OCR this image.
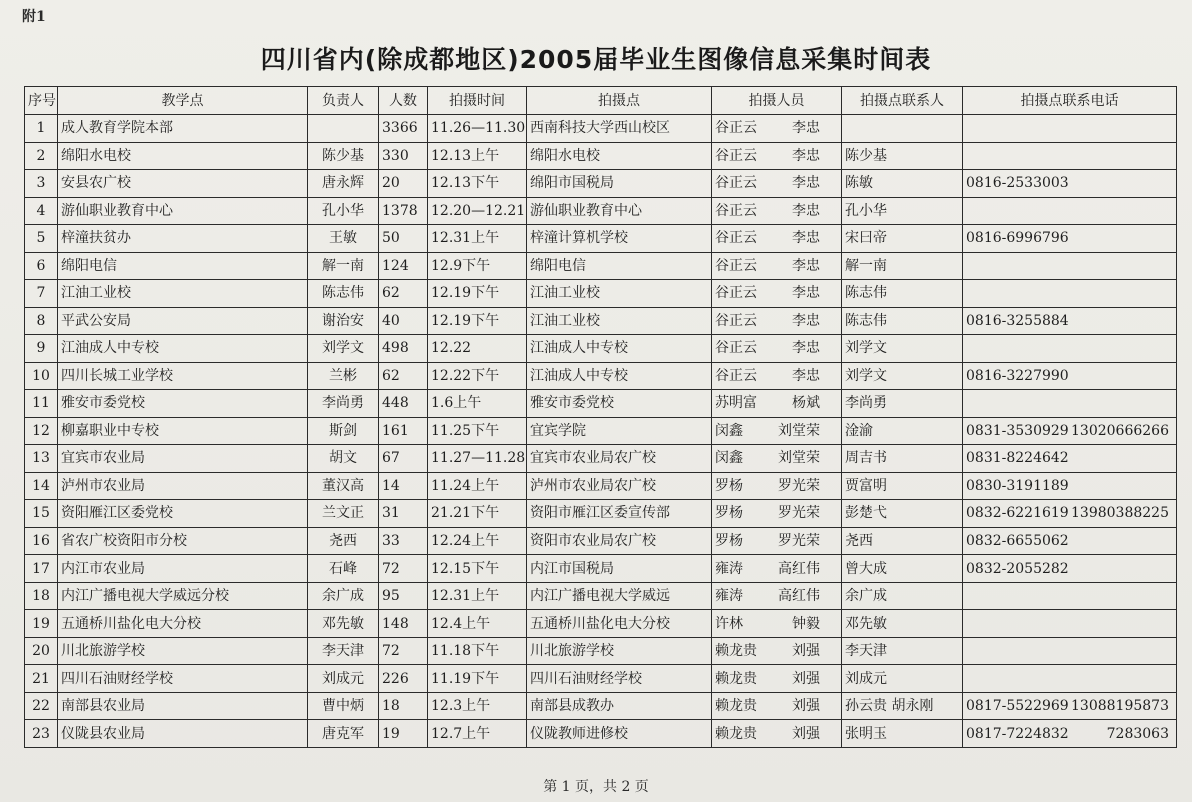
附1
四川省内(除成都地区)2005届毕业生图像信息采集时间表
序号	教学点	负责人	人数	拍摄时间	拍摄点	拍摄人员	拍摄点联系人	拍摄点联系电话
1	成人教育学院本部		3366	11.26—11.30	西南科技大学西山校区	谷正云 李忠		

2	绵阳水电校	陈少基	330	12.13上午	绵阳水电校	谷正云 李忠	陈少基	

3	安县农广校	唐永辉	20	12.13下午	绵阳市国税局	谷正云 李忠	陈敏	0816-2533003

4	游仙职业教育中心	孔小华	1378	12.20—12.21	游仙职业教育中心	谷正云 李忠	孔小华	

5	梓潼扶贫办	王敏	50	12.31上午	梓潼计算机学校	谷正云 李忠	宋曰帝	0816-6996796

6	绵阳电信	解一南	124	12.9下午	绵阳电信	谷正云 李忠	解一南	

7	江油工业校	陈志伟	62	12.19下午	江油工业校	谷正云 李忠	陈志伟	

8	平武公安局	谢治安	40	12.19下午	江油工业校	谷正云 李忠	陈志伟	0816-3255884

9	江油成人中专校	刘学文	498	12.22	江油成人中专校	谷正云 李忠	刘学文	

10	四川长城工业学校	兰彬	62	12.22下午	江油成人中专校	谷正云 李忠	刘学文	0816-3227990

11	雅安市委党校	李尚勇	448	1.6上午	雅安市委党校	苏明富 杨斌	李尚勇	

12	柳嘉职业中专校	斯剑	161	11.25下午	宜宾学院	闵鑫 刘堂荣	淦渝	0831-3530929 13020666266

13	宜宾市农业局	胡文	67	11.27—11.28	宜宾市农业局农广校	闵鑫 刘堂荣	周吉书	0831-8224642

14	泸州市农业局	董汉高	14	11.24上午	泸州市农业局农广校	罗杨 罗光荣	贾富明	0830-3191189

15	资阳雁江区委党校	兰文正	31	21.21下午	资阳市雁江区委宣传部	罗杨 罗光荣	彭楚弋	0832-6221619 13980388225

16	省农广校资阳市分校	尧西	33	12.24上午	资阳市农业局农广校	罗杨 罗光荣	尧西	0832-6655062

17	内江市农业局	石峰	72	12.15下午	内江市国税局	雍涛 高红伟	曾大成	0832-2055282

18	内江广播电视大学威远分校	余广成	95	12.31上午	内江广播电视大学威远	雍涛 高红伟	余广成	

19	五通桥川盐化电大分校	邓先敏	148	12.4上午	五通桥川盐化电大分校	许林 钟毅	邓先敏	

20	川北旅游学校	李天津	72	11.18下午	川北旅游学校	赖龙贵 刘强	李天津	

21	四川石油财经学校	刘成元	226	11.19下午	四川石油财经学校	赖龙贵 刘强	刘成元	

22	南部县农业局	曹中炳	18	12.3上午	南部县成教办	赖龙贵 刘强	孙云贵 胡永刚	0817-5522969 13088195873

23	仪陇县农业局	唐克军	19	12.7上午	仪陇教师进修校	赖龙贵 刘强	张明玉	0817-7224832 7283063
第 1 页，共 2 页
